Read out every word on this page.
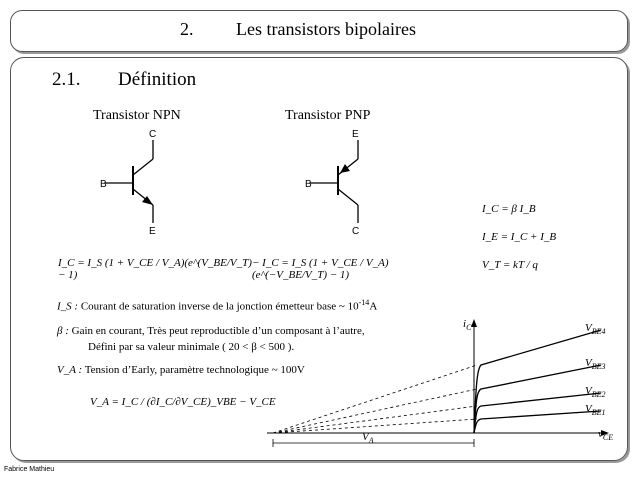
2. Les transistors bipolaires
2.1. Définition
Transistor NPN	Transistor PNP
C
B
E
E
B
C
I_C = I_S (1 + V_CE / V_A)(e^(V_BE/V_T) − 1)
− I_C = I_S (1 + V_CE / V_A)(e^(−V_BE/V_T) − 1)
I_C = β I_B
I_E = I_C + I_B
V_T = kT / q
I_S : Courant de saturation inverse de la jonction émetteur base ~ $10^{-14}A$
β : Gain en courant, Très peut reproductible d’un composant à l’autre,
Défini par sa valeur minimale ( 20 < β < 500 ).
V_A : Tension d’Early, paramètre technologique ~ 100V
V_A = I_C / (∂I_C/∂V_CE)_VBE − V_CE
$i_C$
$v_{CE}$
$V_A$
$V_{BE4}$
$V_{BE3}$
$V_{BE2}$
$V_{BE1}$
Fabrice Mathieu
